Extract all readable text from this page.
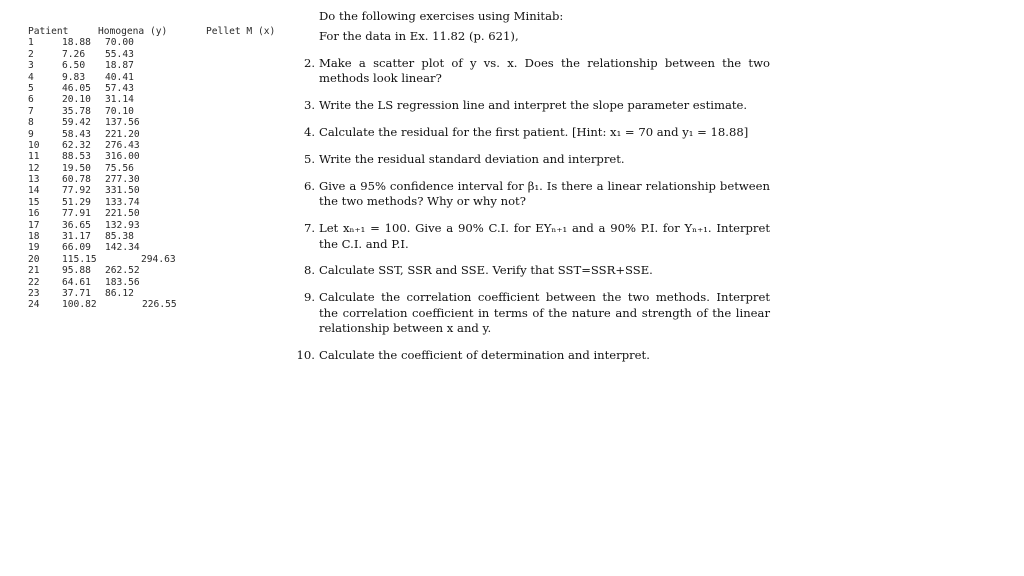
Patient	Homogena (y)	Pellet M (x)
1	18.88 70.00
2	7.26 55.43
3	6.50 18.87
4	9.83 40.41
5	46.05 57.43
6	20.10 31.14
7	35.78 70.10
8	59.42 137.56
9	58.43 221.20
10 62.32 276.43
11 88.53 316.00
12 19.50 75.56
13 60.78 277.30
14 77.92 331.50
15 51.29 133.74
16 77.91 221.50
17 36.65 132.93
18 31.17 85.38
19 66.09 142.34
20 115.15	294.63
21 95.88 262.52
22 64.61 183.56
23 37.71 86.12
24 100.82	226.55
Do the following exercises using Minitab:
For the data in Ex. 11.82 (p. 621),
2. Make a scatter plot of y vs. x. Does the relationship between the two methods look linear?
3. Write the LS regression line and interpret the slope parameter estimate.
4. Calculate the residual for the first patient. [Hint: x₁ = 70 and y₁ = 18.88]
5. Write the residual standard deviation and interpret.
6. Give a 95% confidence interval for β₁. Is there a linear relationship between the two methods? Why or why not?
7. Let xₙ₊₁ = 100. Give a 90% C.I. for EYₙ₊₁ and a 90% P.I. for Yₙ₊₁. Interpret the C.I. and P.I.
8. Calculate SST, SSR and SSE. Verify that SST=SSR+SSE.
9. Calculate the correlation coefficient between the two methods. Interpret the correlation coefficient in terms of the nature and strength of the linear relationship between x and y.
10. Calculate the coefficient of determination and interpret.
